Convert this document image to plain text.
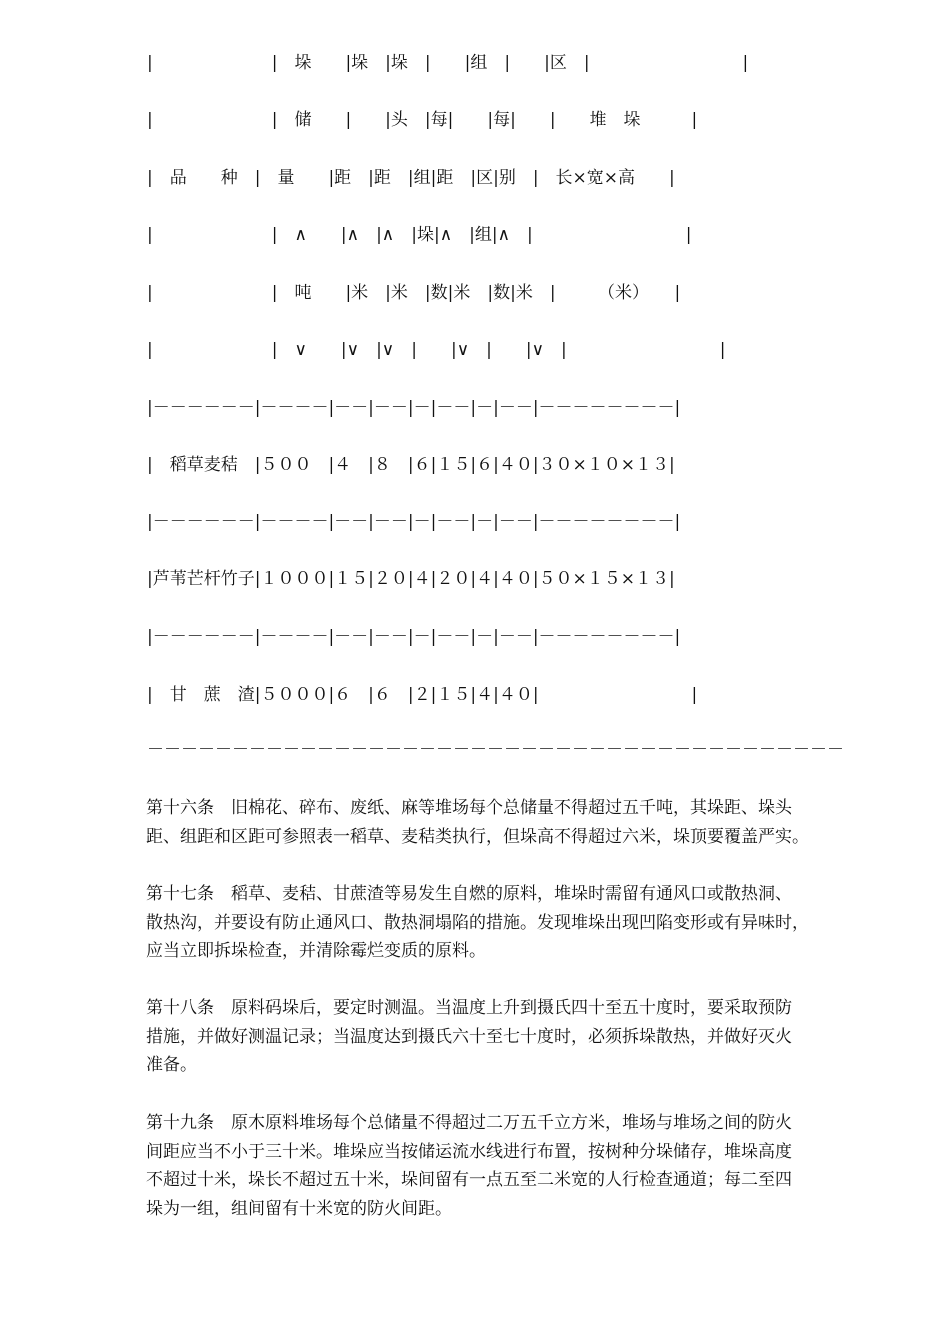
|　　　　　　　|　垛　　|垛　|垛　|　　|组　|　　|区　|　　　　　　　　　|
|　　　　　　　|　储　　|　　|头　|每|　　|每|　　|　　堆　垛　　　|
|　品　　种　|　量　　|距　|距　|组|距　|区|别　|　长×宽×高　　|
|　　　　　　　|　∧　　|∧　|∧　|垛|∧　|组|∧　|　　　　　　　　　|
|　　　　　　　|　吨　　|米　|米　|数|米　|数|米　|　　　（米）　　|
|　　　　　　　|　∨　　|∨　|∨　|　　|∨　|　　|∨　|　　　　　　　　　|
|－－－－－－|－－－－|－－|－－|－|－－|－|－－|－－－－－－－－|
|　稻草麦秸　|５００　|４　|８　|６|１５|６|４０|３０×１０×１３|
|－－－－－－|－－－－|－－|－－|－|－－|－|－－|－－－－－－－－|
|芦苇芒杆竹子|１０００|１５|２０|４|２０|４|４０|５０×１５×１３|
|－－－－－－|－－－－|－－|－－|－|－－|－|－－|－－－－－－－－|
|　甘　蔗　渣|５０００|６　|６　|２|１５|４|４０|　　　　　　　　　|
－－－－－－－－－－－－－－－－－－－－－－－－－－－－－－－－－－－－－－－－－
第十六条　旧棉花、碎布、废纸、麻等堆场每个总储量不得超过五千吨，其垛距、垛头
距、组距和区距可参照表一稻草、麦秸类执行，但垛高不得超过六米，垛顶要覆盖严实。
第十七条　稻草、麦秸、甘蔗渣等易发生自燃的原料，堆垛时需留有通风口或散热洞、
散热沟，并要设有防止通风口、散热洞塌陷的措施。发现堆垛出现凹陷变形或有异味时，
应当立即拆垛检查，并清除霉烂变质的原料。
第十八条　原料码垛后，要定时测温。当温度上升到摄氏四十至五十度时，要采取预防
措施，并做好测温记录；当温度达到摄氏六十至七十度时，必须拆垛散热，并做好灭火
准备。
第十九条　原木原料堆场每个总储量不得超过二万五千立方米，堆场与堆场之间的防火
间距应当不小于三十米。堆垛应当按储运流水线进行布置，按树种分垛储存，堆垛高度
不超过十米，垛长不超过五十米，垛间留有一点五至二米宽的人行检查通道；每二至四
垛为一组，组间留有十米宽的防火间距。
